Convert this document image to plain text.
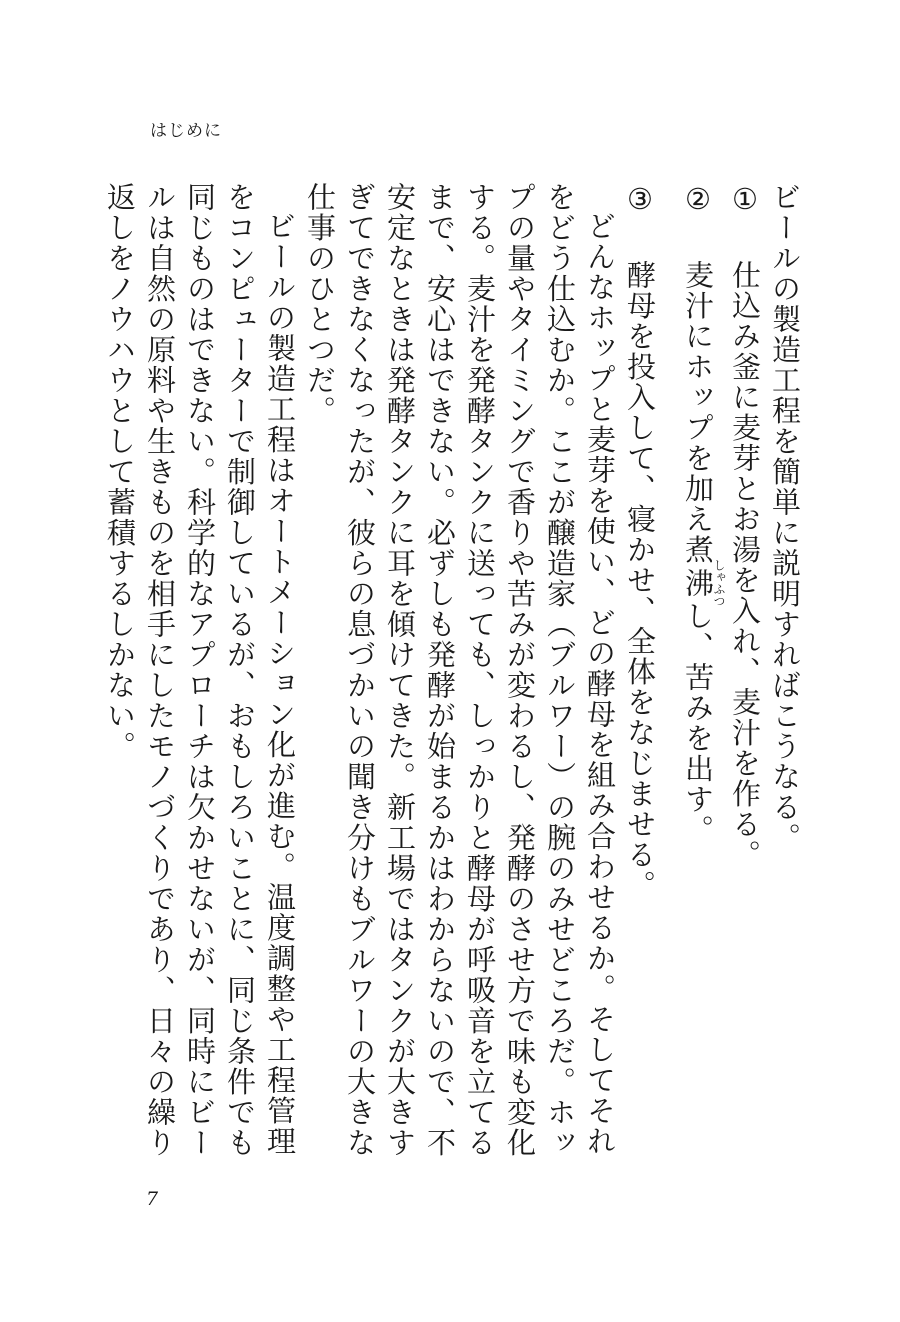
はじめに

ビールの製造工程を簡単に説明すればこうなる。

①　仕込み釜に麦芽とお湯を入れ、麦汁を作る。

②　麦汁にホップを加え煮沸しゃふつし、苦みを出す。

③　酵母を投入して、寝かせ、全体をなじませる。

どんなホップと麦芽を使い、どの酵母を組み合わせるか。そしてそれをどう仕込むか。ここが醸造家（ブルワー）の腕のみせどころだ。ホップの量やタイミングで香りや苦みが変わるし、発酵のさせ方で味も変化する。麦汁を発酵タンクに送っても、しっかりと酵母が呼吸音を立てるまで、安心はできない。必ずしも発酵が始まるかはわからないので、不安定なときは発酵タンクに耳を傾けてきた。新工場ではタンクが大きすぎてできなくなったが、彼らの息づかいの聞き分けもブルワーの大きな仕事のひとつだ。

ビールの製造工程はオートメーション化が進む。温度調整や工程管理をコンピューターで制御しているが、おもしろいことに、同じ条件でも同じものはできない。科学的なアプローチは欠かせないが、同時にビールは自然の原料や生きものを相手にしたモノづくりであり、日々の繰り返しをノウハウとして蓄積するしかない。

7
